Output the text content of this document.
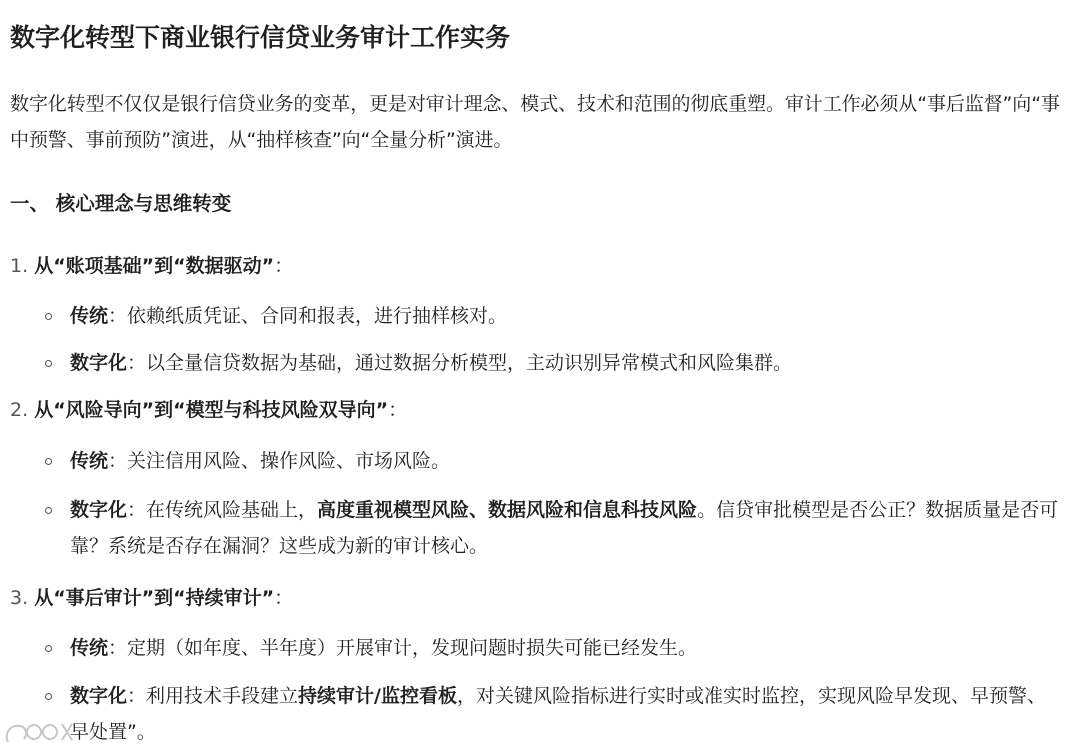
数字化转型下商业银行信贷业务审计工作实务
数字化转型不仅仅是银行信贷业务的变革，更是对审计理念、模式、技术和范围的彻底重塑。审计工作必须从“事后监督”向“事中预警、事前预防”演进，从“抽样核查”向“全量分析”演进。
一、 核心理念与思维转变
1. 从“账项基础”到“数据驱动”：
传统：依赖纸质凭证、合同和报表，进行抽样核对。
数字化：以全量信贷数据为基础，通过数据分析模型，主动识别异常模式和风险集群。
2. 从“风险导向”到“模型与科技风险双导向”：
传统：关注信用风险、操作风险、市场风险。
数字化：在传统风险基础上，高度重视模型风险、数据风险和信息科技风险。信贷审批模型是否公正？数据质量是否可靠？系统是否存在漏洞？这些成为新的审计核心。
3. 从“事后审计”到“持续审计”：
传统：定期（如年度、半年度）开展审计，发现问题时损失可能已经发生。
数字化：利用技术手段建立持续审计/监控看板，对关键风险指标进行实时或准实时监控，实现风险早发现、早预警、早处置”。
